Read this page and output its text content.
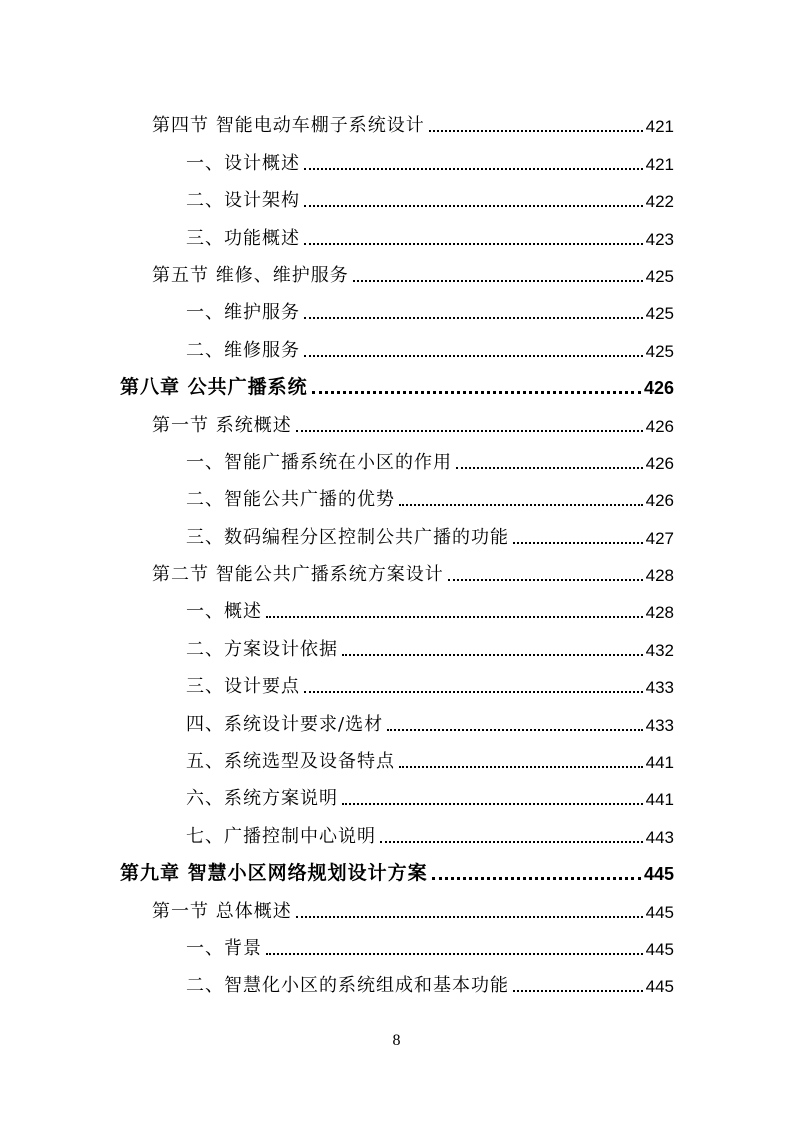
第四节 智能电动车棚子系统设计	421
一、设计概述	421
二、设计架构	422
三、功能概述	423
第五节 维修、维护服务	425
一、维护服务	425
二、维修服务	425
第八章 公共广播系统	426
第一节 系统概述	426
一、智能广播系统在小区的作用	426
二、智能公共广播的优势	426
三、数码编程分区控制公共广播的功能	427
第二节 智能公共广播系统方案设计	428
一、概述	428
二、方案设计依据	432
三、设计要点	433
四、系统设计要求/选材	433
五、系统选型及设备特点	441
六、系统方案说明	441
七、广播控制中心说明	443
第九章 智慧小区网络规划设计方案	445
第一节 总体概述	445
一、背景	445
二、智慧化小区的系统组成和基本功能	445
8
